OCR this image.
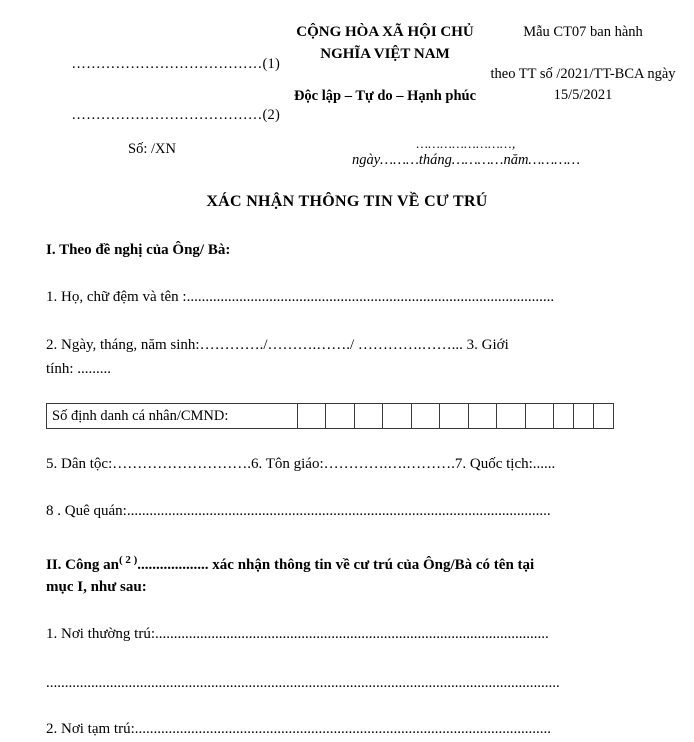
…………………………………(1)
…………………………………(2)
CỘNG HÒA XÃ HỘI CHỦ NGHĨA VIỆT NAM
Độc lập – Tự do – Hạnh phúc
Mẫu CT07 ban hành
theo TT số /2021/TT-BCA ngày 15/5/2021
Số: /XN	……………………,
ngày………tháng…………năm…………
XÁC NHẬN THÔNG TIN VỀ CƯ TRÚ
I. Theo đề nghị của Ông/ Bà:
1. Họ, chữ đệm và tên :..................................................................................................
2. Ngày, tháng, năm sinh:…………./……….……./ ………….……... 3. Giới
tính: .........
Số định danh cá nhân/CMND:
5. Dân tộc:……………………….6. Tôn giáo:………….….……….7. Quốc tịch:......
8 . Quê quán:.................................................................................................................
II. Công $an^{( 2 )}$................... xác nhận thông tin về cư trú của Ông/Bà có tên tại
mục I, như sau:
1. Nơi thường trú:.........................................................................................................
.........................................................................................................................................
2. Nơi tạm trú:...............................................................................................................
